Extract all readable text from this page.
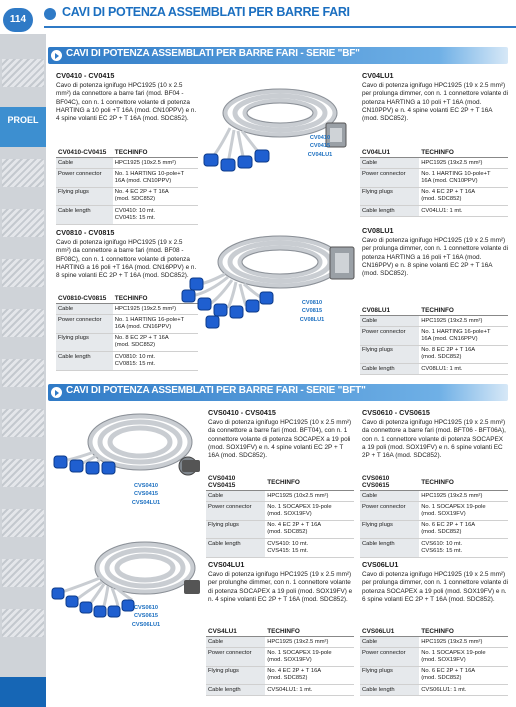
PROEL
114
CAVI DI POTENZA ASSEMBLATI PER BARRE FARI
CAVI DI POTENZA ASSEMBLATI PER BARRE FARI - SERIE "BF"
CAVI DI POTENZA ASSEMBLATI PER BARRE FARI - SERIE "BFT"
CV0410 - CV0415
Cavo di potenza ignifugo HPC1925 (10 x 2.5 mm²) da connettore a barre fari (mod. BF04 - BF04C), con n. 1 connettore volante di potenza HARTING a 10 poli +T 16A (mod. CN10PPV) e n. 4 spine volanti EC 2P + T 16A (mod. SDC852).
CV0410-CV0415	TECHINFO
Cable	HPC1925 (10x2.5 mm²)
Power connector	No. 1 HARTING 10-pole+T
16A (mod. CN10PPV)
Flying plugs	No. 4 EC 2P + T 16A
(mod. SDC852)
Cable length	CV0410: 10 mt.
CV0415: 15 mt.
CV0810 - CV0815
Cavo di potenza ignifugo HPC1925 (19 x 2.5 mm²) da connettore a barre fari (mod. BF08 - BF08C), con n. 1 connettore volante di potenza HARTING a 16 poli +T 16A (mod. CN16PPV) e n. 8 spine volanti EC 2P + T 16A (mod. SDC852).
CV0810-CV0815	TECHINFO
Cable	HPC1925 (19x2.5 mm²)
Power connector	No. 1 HARTING 16-pole+T
16A (mod. CN16PPV)
Flying plugs	No. 8 EC 2P + T 16A
(mod. SDC852)
Cable length	CV0810: 10 mt.
CV0815: 15 mt.
CV0410
CV0415
CV04LU1
CV0810
CV0815
CV08LU1
CV04LU1
Cavo di potenza ignifugo HPC1925 (19 x 2.5 mm²) per prolunga dimmer, con n. 1 connettore volante di potenza HARTING a 10 poli +T 16A (mod. CN10PPV) e n. 4 spine volanti EC 2P + T 16A (mod. SDC852).
CV04LU1	TECHINFO
Cable	HPC1925 (19x2.5 mm²)
Power connector	No. 1 HARTING 10-pole+T
16A (mod. CN10PPV)
Flying plugs	No. 4 EC 2P + T 16A
(mod. SDC852)
Cable length	CV04LU1: 1 mt.
CV08LU1
Cavo di potenza ignifugo HPC1925 (19 x 2.5 mm²) per prolunga dimmer, con n. 1 connettore volante di potenza HARTING a 16 poli +T 16A (mod. CN16PPV) e n. 8 spine volanti EC 2P + T 16A (mod. SDC852).
CV08LU1	TECHINFO
Cable	HPC1925 (19x2.5 mm²)
Power connector	No. 1 HARTING 16-pole+T
16A (mod. CN16PPV)
Flying plugs	No. 8 EC 2P + T 16A
(mod. SDC852)
Cable length	CV08LU1: 1 mt.
CVS0410
CVS0415
CVS04LU1
CVS0610
CVS0615
CVS06LU1
CVS0410 - CVS0415
Cavo di potenza ignifugo HPC1925 (10 x 2.5 mm²) da connettore a barre fari (mod. BFT04), con n. 1 connettore volante di potenza SOCAPEX a 19 poli (mod. SOX19FV) e n. 4 spine volanti EC 2P + T 16A (mod. SDC852).
CVS0410 CVS0415	TECHINFO
Cable	HPC1925 (10x2.5 mm²)
Power connector	No. 1 SOCAPEX 19-pole
(mod. SOX19FV)
Flying plugs	No. 4 EC 2P + T 16A
(mod. SDC852)
Cable length	CVS410: 10 mt.
CVS415: 15 mt.
CVS04LU1
Cavo di potenza ignifugo HPC1925 (19 x 2.5 mm²) per prolunghe dimmer, con n. 1 connettore volante di potenza SOCAPEX a 19 poli (mod. SOX19FV) e n. 4 spine volanti EC 2P + T 16A (mod. SDC852).
CVS4LU1	TECHINFO
Cable	HPC1925 (19x2.5 mm²)
Power connector	No. 1 SOCAPEX 19-pole
(mod. SOX19FV)
Flying plugs	No. 4 EC 2P + T 16A
(mod. SDC852)
Cable length	CVS04LU1: 1 mt.
CVS0610 - CVS0615
Cavo di potenza ignifugo HPC1925 (19 x 2.5 mm²) da connettore a barre fari (mod. BFT06 - BFT06A), con n. 1 connettore volante di potenza SOCAPEX a 19 poli (mod. SOX19FV) e n. 6 spine volanti EC 2P + T 16A (mod. SDC852).
CVS0610 CVS0615	TECHINFO
Cable	HPC1925 (19x2.5 mm²)
Power connector	No. 1 SOCAPEX 19-pole
(mod. SOX19FV)
Flying plugs	No. 6 EC 2P + T 16A
(mod. SDC852)
Cable length	CVS610: 10 mt.
CVS615: 15 mt.
CVS06LU1
Cavo di potenza ignifugo HPC1925 (19 x 2.5 mm²) per prolunga dimmer, con n. 1 connettore volante di potenza SOCAPEX a 19 poli (mod. SOX19FV) e n. 6 spine volanti EC 2P + T 16A (mod. SDC852).
CVS06LU1	TECHINFO
Cable	HPC1925 (19x2.5 mm²)
Power connector	No. 1 SOCAPEX 19-pole
(mod. SOX19FV)
Flying plugs	No. 6 EC 2P + T 16A
(mod. SDC852)
Cable length	CVS06LU1: 1 mt.
